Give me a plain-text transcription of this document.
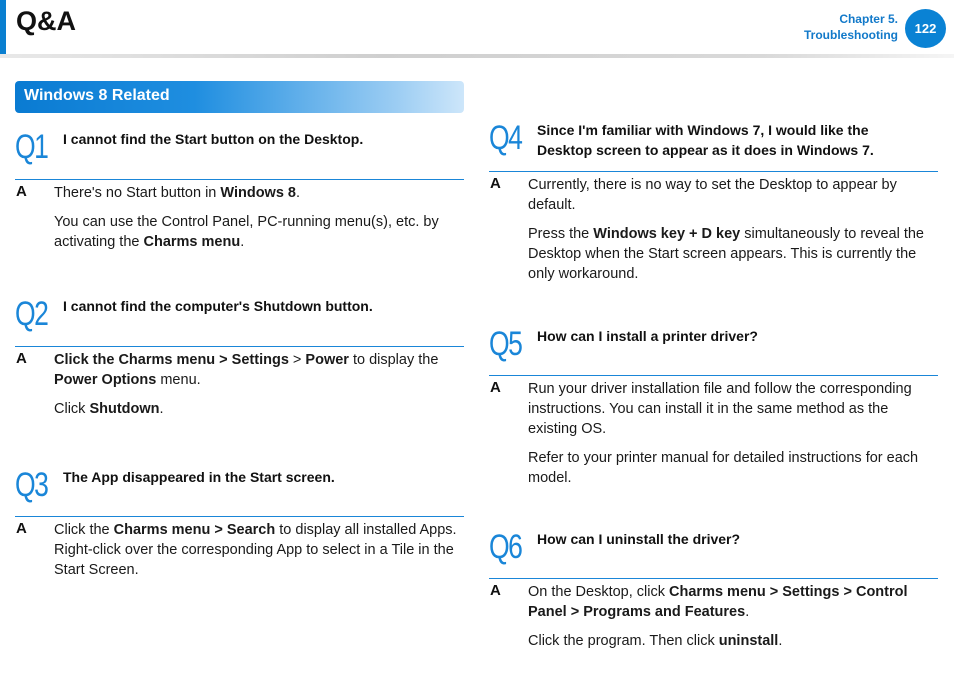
Q&A	Chapter 5.
Troubleshooting	122
Windows 8 Related
Q1 I cannot find the Start button on the Desktop.
A There's no Start button in Windows 8.

You can use the Control Panel, PC-running menu(s), etc. by activating the Charms menu.

Q2 I cannot find the computer's Shutdown button.
A Click the Charms menu > Settings > Power to display the Power Options menu.

Click Shutdown.

Q3 The App disappeared in the Start screen.
A Click the Charms menu > Search to display all installed Apps. Right-click over the corresponding App to select in a Tile in the Start Screen.

Q4 Since I'm familiar with Windows 7, I would like the Desktop screen to appear as it does in Windows 7.
A Currently, there is no way to set the Desktop to appear by default.

Press the Windows key + D key simultaneously to reveal the Desktop when the Start screen appears. This is currently the only workaround.

Q5 How can I install a printer driver?
A Run your driver installation file and follow the corresponding instructions. You can install it in the same method as the existing OS.

Refer to your printer manual for detailed instructions for each model.

Q6 How can I uninstall the driver?
A On the Desktop, click Charms menu > Settings > Control Panel > Programs and Features.

Click the program. Then click uninstall.
